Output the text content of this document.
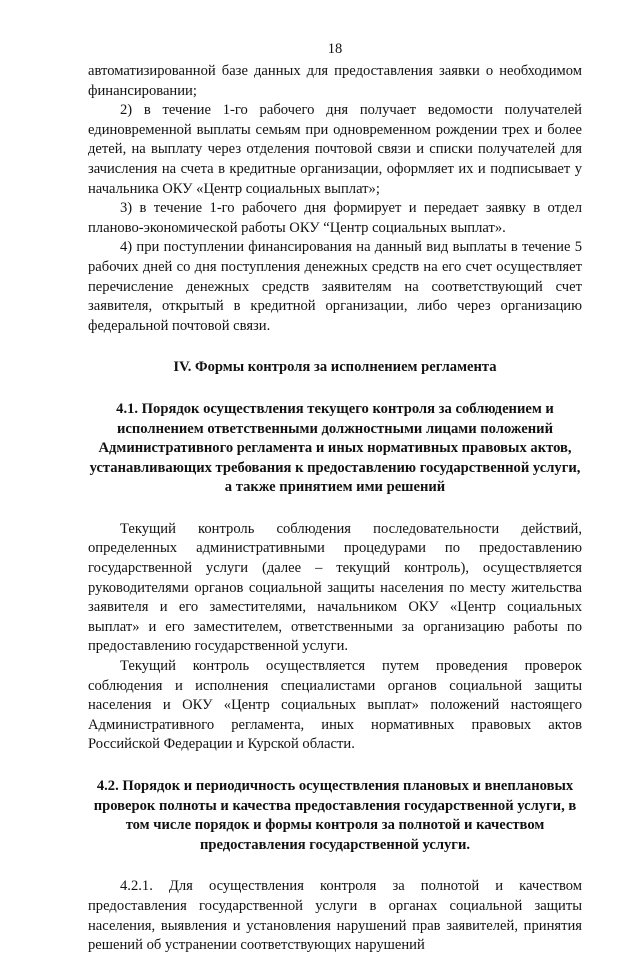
18

автоматизированной базе данных для предоставления заявки о необходимом финансировании;

2) в течение 1-го рабочего дня получает ведомости получателей единовременной выплаты семьям при одновременном рождении трех и более детей, на выплату через отделения почтовой связи и списки получателей для зачисления на счета в кредитные организации, оформляет их и подписывает у начальника ОКУ «Центр социальных выплат»;

3) в течение 1-го рабочего дня формирует и передает заявку в отдел планово-экономической работы ОКУ “Центр социальных выплат».

4) при поступлении финансирования на данный вид выплаты в течение 5 рабочих дней со дня поступления денежных средств на его счет осуществляет перечисление денежных средств заявителям на соответствующий счет заявителя, открытый в кредитной организации, либо через организацию федеральной почтовой связи.

IV. Формы контроля за исполнением регламента
4.1. Порядок осуществления текущего контроля за соблюдением и исполнением ответственными должностными лицами положений Административного регламента и иных нормативных правовых актов, устанавливающих требования к предоставлению государственной услуги, а также принятием ими решений

Текущий контроль соблюдения последовательности действий, определенных административными процедурами по предоставлению государственной услуги (далее – текущий контроль), осуществляется руководителями органов социальной защиты населения по месту жительства заявителя и его заместителями, начальником ОКУ «Центр социальных выплат» и его заместителем, ответственными за организацию работы по предоставлению государственной услуги.

Текущий контроль осуществляется путем проведения проверок соблюдения и исполнения специалистами органов социальной защиты населения и ОКУ «Центр социальных выплат» положений настоящего Административного регламента, иных нормативных правовых актов Российской Федерации и Курской области.

4.2. Порядок и периодичность осуществления плановых и внеплановых проверок полноты и качества предоставления государственной услуги, в том числе порядок и формы контроля за полнотой и качеством предоставления государственной услуги.

4.2.1. Для осуществления контроля за полнотой и качеством предоставления государственной услуги в органах социальной защиты населения, выявления и установления нарушений прав заявителей, принятия решений об устранении соответствующих нарушений
